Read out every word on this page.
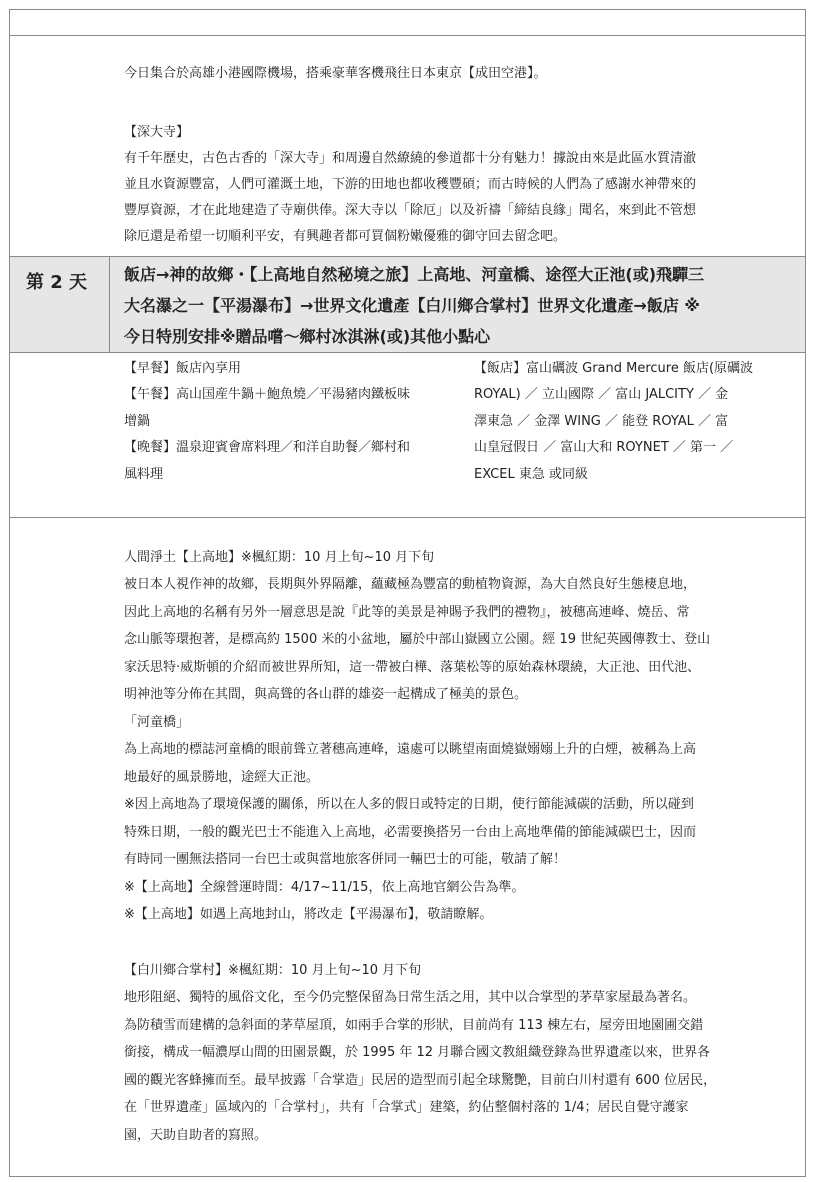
今日集合於高雄小港國際機場，搭乘豪華客機飛往日本東京【成田空港】。

【深大寺】

有千年歷史，古色古香的「深大寺」和周邊自然繚繞的參道都十分有魅力！據說由來是此區水質清澈

並且水資源豐富，人們可灌溉土地，下游的田地也都收穫豐碩；而古時候的人們為了感謝水神帶來的

豐厚資源，才在此地建造了寺廟供俸。深大寺以「除厄」以及祈禱「締結良緣」聞名，來到此不管想

除厄還是希望一切順利平安，有興趣者都可買個粉嫩優雅的御守回去留念吧。

第 2 天 飯店→神的故鄉・【上高地自然秘境之旅】上高地、河童橋、途徑大正池(或)飛驒三
大名瀑之一【平湯瀑布】→世界文化遺產【白川鄉合掌村】世界文化遺產→飯店 ※
今日特別安排※贈品嚐～鄉村冰淇淋(或)其他小點心

【早餐】飯店內享用

【午餐】高山国産牛鍋＋鮑魚燒／平湯豬肉鐵板味

增鍋

【晚餐】溫泉迎賓會席料理／和洋自助餐／鄉村和

風料理

【飯店】富山礪波 Grand Mercure 飯店(原礪波

ROYAL) ／ 立山國際 ／ 富山 JALCITY ／ 金

澤東急 ／ 金澤 WING ／ 能登 ROYAL ／ 富

山皇冠假日 ／ 富山大和 ROYNET ／ 第一 ／

EXCEL 東急 或同級

人間淨土【上高地】※楓紅期：10 月上旬~10 月下旬

被日本人視作神的故鄉，長期與外界隔離，蘊藏極為豐富的動植物資源，為大自然良好生態棲息地，

因此上高地的名稱有另外一層意思是說『此等的美景是神賜予我們的禮物』，被穗高連峰、燒岳、常

念山脈等環抱著，是標高約 1500 米的小盆地，屬於中部山嶽國立公園。經 19 世紀英國傳教士、登山

家沃思特·威斯頓的介紹而被世界所知，這一帶被白樺、落葉松等的原始森林環繞，大正池、田代池、

明神池等分佈在其間，與高聳的各山群的雄姿一起構成了極美的景色。

「河童橋」

為上高地的標誌河童橋的眼前聳立著穗高連峰，遠處可以眺望南面燒嶽嫋嫋上升的白煙，被稱為上高

地最好的風景勝地，途經大正池。

※因上高地為了環境保護的關係，所以在人多的假日或特定的日期，使行節能減碳的活動，所以碰到

特殊日期，一般的觀光巴士不能進入上高地，必需要換搭另一台由上高地準備的節能減碳巴士，因而

有時同一團無法搭同一台巴士或與當地旅客併同一輛巴士的可能，敬請了解！

※【上高地】全線營運時間：4/17~11/15，依上高地官網公告為準。

※【上高地】如遇上高地封山，將改走【平湯瀑布】，敬請瞭解。

【白川鄉合掌村】※楓紅期：10 月上旬~10 月下旬

地形阻絕、獨特的風俗文化，至今仍完整保留為日常生活之用，其中以合掌型的茅草家屋最為著名。

為防積雪而建構的急斜面的茅草屋頂，如兩手合掌的形狀，目前尚有 113 棟左右，屋旁田地園圃交錯

銜接，構成一幅濃厚山間的田園景觀，於 1995 年 12 月聯合國文教組織登錄為世界遺產以來，世界各

國的觀光客蜂擁而至。最早披露「合掌造」民居的造型而引起全球驚艷，目前白川村還有 600 位居民，

在「世界遺產」區域內的「合掌村」，共有「合掌式」建築，約佔整個村落的 1/4；居民自覺守護家

園，天助自助者的寫照。
